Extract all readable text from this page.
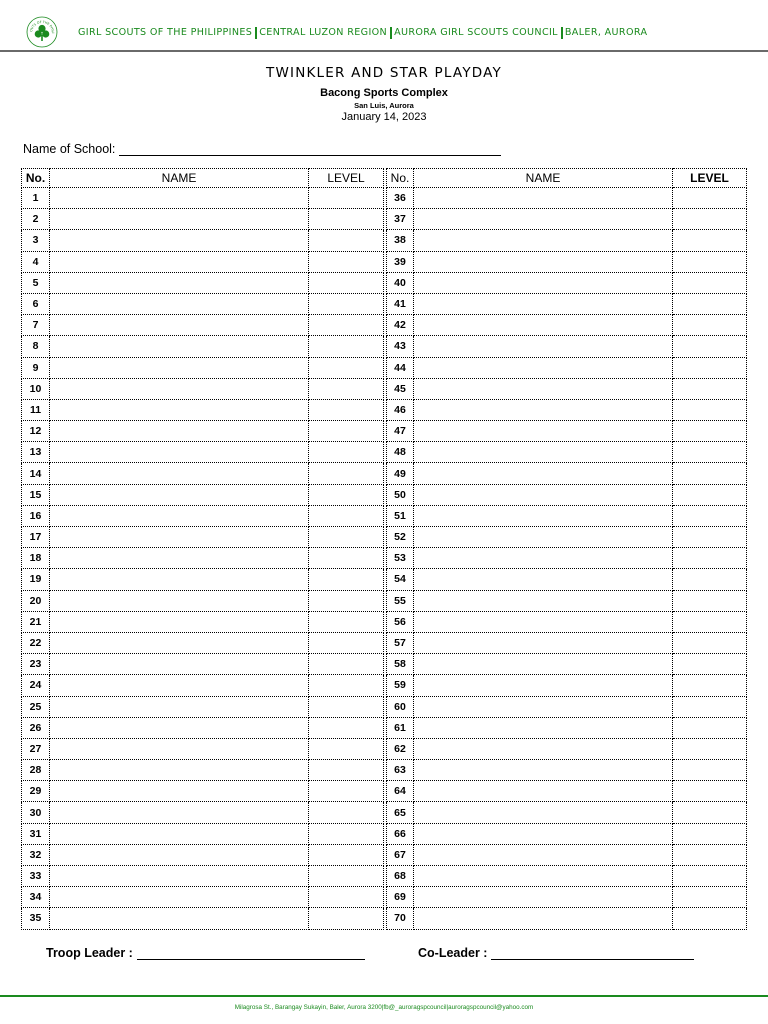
OUTS OF THE PHILI GIRL SCOUTS OF THE PHILIPPINES CENTRAL LUZON REGION AURORA GIRL SCOUTS COUNCIL BALER, AURORA
TWINKLER AND STAR PLAYDAY
Bacong Sports Complex
San Luis, Aurora
January 14, 2023
Name of School:
No.	NAME	LEVEL		No.	NAME	LEVEL
1				36		
2				37		
3				38		
4				39		
5				40		
6				41		
7				42		
8				43		
9				44		
10				45		
11				46		
12				47		
13				48		
14				49		
15				50		
16				51		
17				52		
18				53		
19				54		
20				55		
21				56		
22				57		
23				58		
24				59		
25				60		
26				61		
27				62		
28				63		
29				64		
30				65		
31				66		
32				67		
33				68		
34				69		
35				70		
Troop Leader :	Co-Leader :
Milagrosa St., Barangay Sukayin, Baler, Aurora 3200|fb@_auroragspcouncil|auroragspcouncil@yahoo.com
